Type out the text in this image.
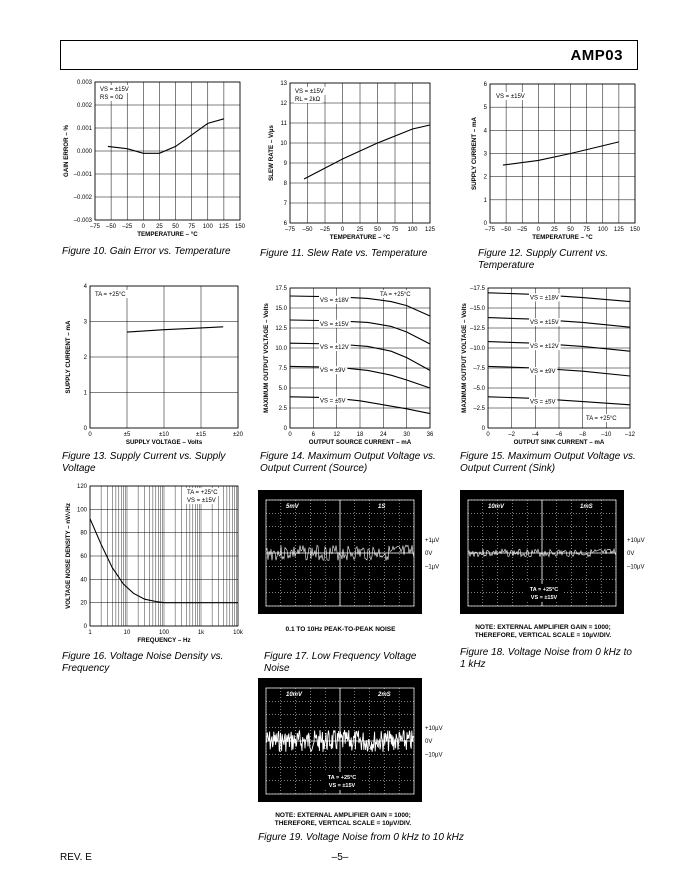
AMP03
–75 –50 –25 0 25 50 75 100 125 150
0.003
0.002
0.001
0.000
–0.001
–0.002
–0.003
TEMPERATURE – °C
GAIN ERROR – %
VS = ±15V
RS = 0Ω
Figure 10. Gain Error vs. Temperature
–75 –50 –25 0 25 50 75 100 125
13
12
11
10
9
8
7
6
TEMPERATURE – °C
SLEW RATE – V/µs
VS = ±15V
RL = 2kΩ
Figure 11. Slew Rate vs. Temperature
–75 –50 –25 0 25 50 75 100 125 150
6
5
4
3
2
1
0
TEMPERATURE – °C
SUPPLY CURRENT – mA
VS = ±15V
Figure 12. Supply Current vs. Temperature
0	±5	±10	±15	±20
4
3
2
1
0
SUPPLY VOLTAGE – Volts
SUPPLY CURRENT – mA
TA = +25°C
Figure 13. Supply Current vs. Supply Voltage
0	6	12	18	24	30	36
17.5
15.0
12.5
10.0
7.5
5.0
2.5
0
OUTPUT SOURCE CURRENT – mA
MAXIMUM OUTPUT VOLTAGE – Volts
TA = +25°C
VS = ±18V
VS = ±15V
VS = ±12V
VS = ±9V
VS = ±5V
Figure 14. Maximum Output Voltage vs. Output Current (Source)
0	–2	–4	–6	–8	–10 –12
–17.5
–15.0
–12.5
–10.0
–7.5
–5.0
–2.5
0
OUTPUT SINK CURRENT – mA
MAXIMUM OUTPUT VOLTAGE – Volts
TA = +25°C
VS = ±18V
VS = ±15V
VS = ±12V
VS = ±9V
VS = ±5V
Figure 15. Maximum Output Voltage vs. Output Current (Sink)
1	10	100	1k	10k
120
100
80
60
40
20
0
FREQUENCY – Hz
VOLTAGE NOISE DENSITY – nV/√Hz
TA = +25°C
VS = ±15V
Figure 16. Voltage Noise Density vs. Frequency
5mV	1S
+1µV
0V
–1µV
0.1 TO 10Hz PEAK-TO-PEAK NOISE
Figure 17. Low Frequency Voltage Noise
10mV	1mS
+10µV
0V
–10µV
TA = +25°C
VS = ±15V
NOTE: EXTERNAL AMPLIFIER GAIN = 1000;
THEREFORE, VERTICAL SCALE = 10µV/DIV.
Figure 18. Voltage Noise from 0 kHz to 1 kHz
10mV	2mS
+10µV
0V
–10µV
TA = +25°C
VS = ±15V
NOTE: EXTERNAL AMPLIFIER GAIN = 1000;
THEREFORE, VERTICAL SCALE = 10µV/DIV.
Figure 19. Voltage Noise from 0 kHz to 10 kHz
REV. E	–5–
